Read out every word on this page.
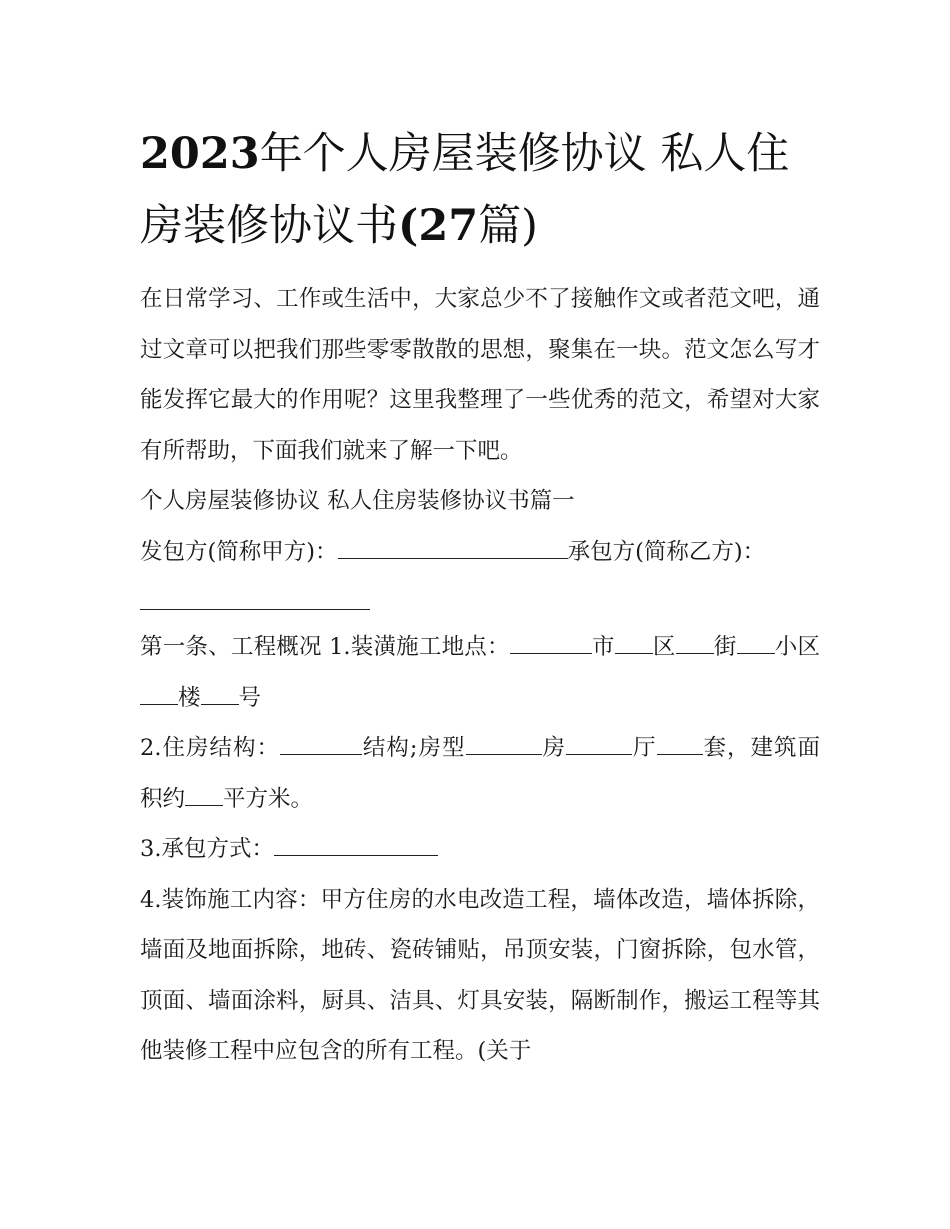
2023年个人房屋装修协议 私人住房装修协议书(27篇)

在日常学习、工作或生活中，大家总少不了接触作文或者范文吧，通过文章可以把我们那些零零散散的思想，聚集在一块。范文怎么写才能发挥它最大的作用呢？这里我整理了一些优秀的范文，希望对大家有所帮助，下面我们就来了解一下吧。

个人房屋装修协议 私人住房装修协议书篇一

发包方(简称甲方)：	承包方(简称乙方)：

第一条、工程概况 1.装潢施工地点：	市 区 街 小区楼 号

2.住房结构：	结构;房型	房	厅 套，建筑面积约 平方米。

3.承包方式：

4.装饰施工内容：甲方住房的水电改造工程，墙体改造，墙体拆除，墙面及地面拆除，地砖、瓷砖铺贴，吊顶安装，门窗拆除，包水管，顶面、墙面涂料，厨具、洁具、灯具安装，隔断制作，搬运工程等其他装修工程中应包含的所有工程。(关于
